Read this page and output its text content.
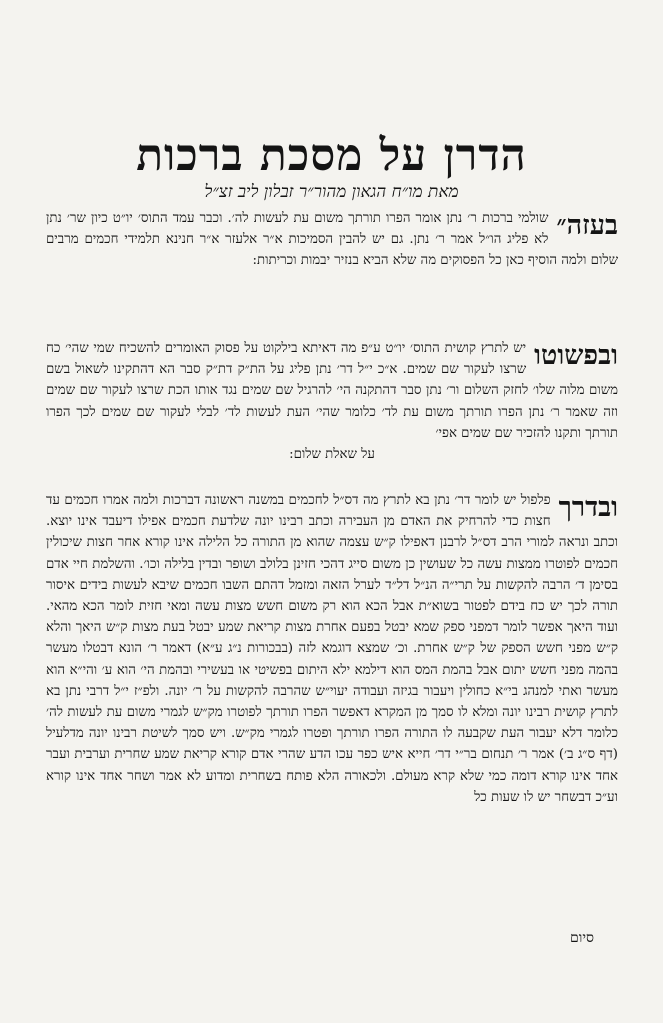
הדרן על מסכת ברכות
מאת מו״ח הגאון מהור״ר זבלון ליב זצ״ל
בעזה״
שולמי ברכות ר׳ נתן אומר הפרו תורתך משום עת לעשות לה׳. וכבר עמד התוס׳ יו״ט כיון שר׳ נתן לא פליג הו״ל אמר ר׳ נתן. גם יש להבין הסמיכות א״ר אלעזר א״ר חנינא תלמידי חכמים מרבים שלום ולמה הוסיף כאן כל הפסוקים מה שלא הביא בנזיר יבמות וכריתות:
ובפשוטו
יש לתרץ קושית התוס׳ יו״ט ע״פ מה דאיתא בילקוט על פסוק האומרים להשכיח שמי שהי׳ כח שרצו לעקור שם שמים. א״כ י״ל דר׳ נתן פליג על הת״ק דת״ק סבר הא דהתקינו לשאול בשם משום מלוה שלו׳ לחזק השלום ור׳ נתן סבר דהתקנה הי׳ להרגיל שם שמים נגד אותו הכת שרצו לעקור שם שמים וזה שאמר ר׳ נתן הפרו תורתך משום עת לד׳ כלומר שהי׳ העת לעשות לד׳ לבלי לעקור שם שמים לכך הפרו תורתך ותקנו להזכיר שם שמים אפי׳
על שאלת שלום:
ובדרך
פלפול יש לומר דר׳ נתן בא לתרץ מה דס״ל לחכמים במשנה ראשונה דברכות ולמה אמרו חכמים עד חצות כדי להרחיק את האדם מן העבירה וכתב רבינו יונה שלדעת חכמים אפילו דיעבד אינו יוצא. וכתב ונראה למורי הרב דס״ל לרבנן דאפילו ק״ש עצמה שהוא מן התורה כל הלילה אינו קורא אחר חצות שיכולין חכמים לפוטרו ממצות עשה כל שעושין כן משום סייג דהכי חזינן בלולב ושופר ובדין בלילה וכו׳. והשלמת חיי אדם בסימן ד׳ הרבה להקשות על תרי״ה הנ״ל דל״ד לערל הזאה ומזמל דהתם השבו חכמים שיבא לעשות בידים איסור תורה לכך יש כח בידם לפטור בשוא״ת אבל הכא הוא רק משום חשש מצות עשה ומאי חזית לומר הכא מהאי. ועוד היאך אפשר לומר דמפני ספק שמא יבטל בפעם אחרת מצות קריאת שמע יבטל בעת מצות ק״ש היאך והלא ק״ש מפני חשש הספק של ק״ש אחרת. וכ׳ שמצא דוגמא לזה (בבכורות נ״ג ע״א) דאמר ר׳ הונא דבטלו מעשר בהמה מפני חשש יתום אבל בהמת המס הוא דילמא ילא היתום בפשיטי או בעשירי ובהמת הי׳ הוא ע׳ והי״א הוא מעשר ואתי למנהג בי״א כחולין ויעבור בגיזה ועבודה יעוי״ש שהרבה להקשות על ר׳ יונה. ולפ״ז י״ל דרבי נתן בא לתרץ קושית רבינו יונה ומלא לו סמך מן המקרא דאפשר הפרו תורתך לפוטרו מק״ש לגמרי משום עת לעשות לה׳ כלומר דלא יעבור העת שקבעה לו התורה הפרו תורתך ופטרו לגמרי מק״ש. ויש סמך לשיטת רבינו יונה מדלעיל (דף ס״ג ב׳) אמר ר׳ תנחום בר״י דר׳ חייא איש כפר עכו הדע שהרי אדם קורא קריאת שמע שחרית וערבית ועבר אחד אינו קורא דומה כמי שלא קרא מעולם. ולכאורה הלא פותח בשחרית ומדוע לא אמר ושחר אחד אינו קורא וע״כ דבשחר יש לו שעות כל
סיום
